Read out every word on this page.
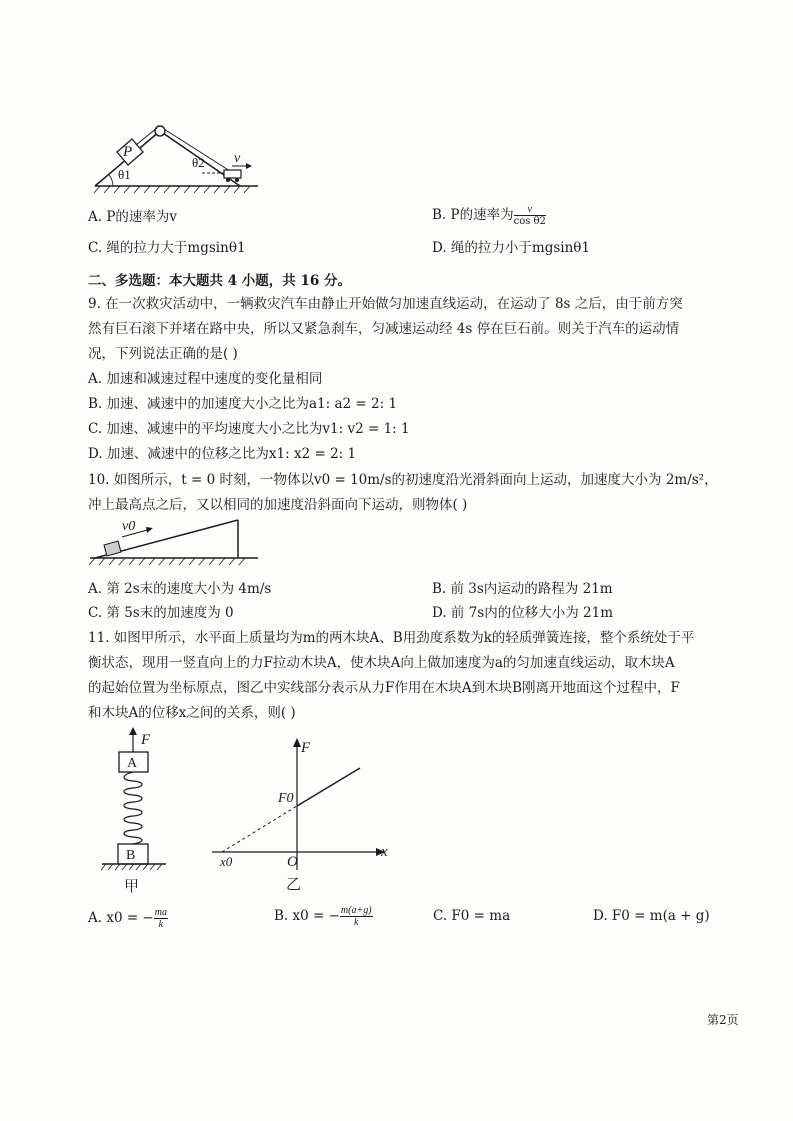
P
θ1
θ2 v
A. P的速率为v	B. P的速率为 $\frac{v}{\text{cos θ2}}$
C. 绳的拉力大于mgsinθ1	D. 绳的拉力小于mgsinθ1
二、多选题：本大题共 4 小题，共 16 分。
9. 在一次救灾活动中，一辆救灾汽车由静止开始做匀加速直线运动，在运动了 8s 之后，由于前方突
然有巨石滚下并堵在路中央，所以又紧急刹车，匀减速运动经 4s 停在巨石前。则关于汽车的运动情
况，下列说法正确的是( )
A. 加速和减速过程中速度的变化量相同
B. 加速、减速中的加速度大小之比为a1: a2 = 2: 1
C. 加速、减速中的平均速度大小之比为v1: v2 = 1: 1
D. 加速、减速中的位移之比为x1: x2 = 2: 1
10. 如图所示，t = 0 时刻，一物体以v0 = 10m/s的初速度沿光滑斜面向上运动，加速度大小为 2m/s²，
冲上最高点之后，又以相同的加速度沿斜面向下运动，则物体( )
v0
A. 第 2s末的速度大小为 4m/s	B. 前 3s内运动的路程为 21m
C. 第 5s末的加速度为 0	D. 前 7s内的位移大小为 21m
11. 如图甲所示，水平面上质量均为m的两木块A、B用劲度系数为k的轻质弹簧连接，整个系统处于平
衡状态，现用一竖直向上的力F拉动木块A，使木块A向上做加速度为a的匀加速直线运动，取木块A
的起始位置为坐标原点，图乙中实线部分表示从力F作用在木块A到木块B刚离开地面这个过程中，F
和木块A的位移x之间的关系，则( )
F
A
B
甲
F
x
F0
x0	O
乙
A. x0 = − $\frac{ma}{k}$	B. x0 = − $\frac{m(a+g)}{k}$	C. F0 = ma	D. F0 = m(a + g)
第2页
